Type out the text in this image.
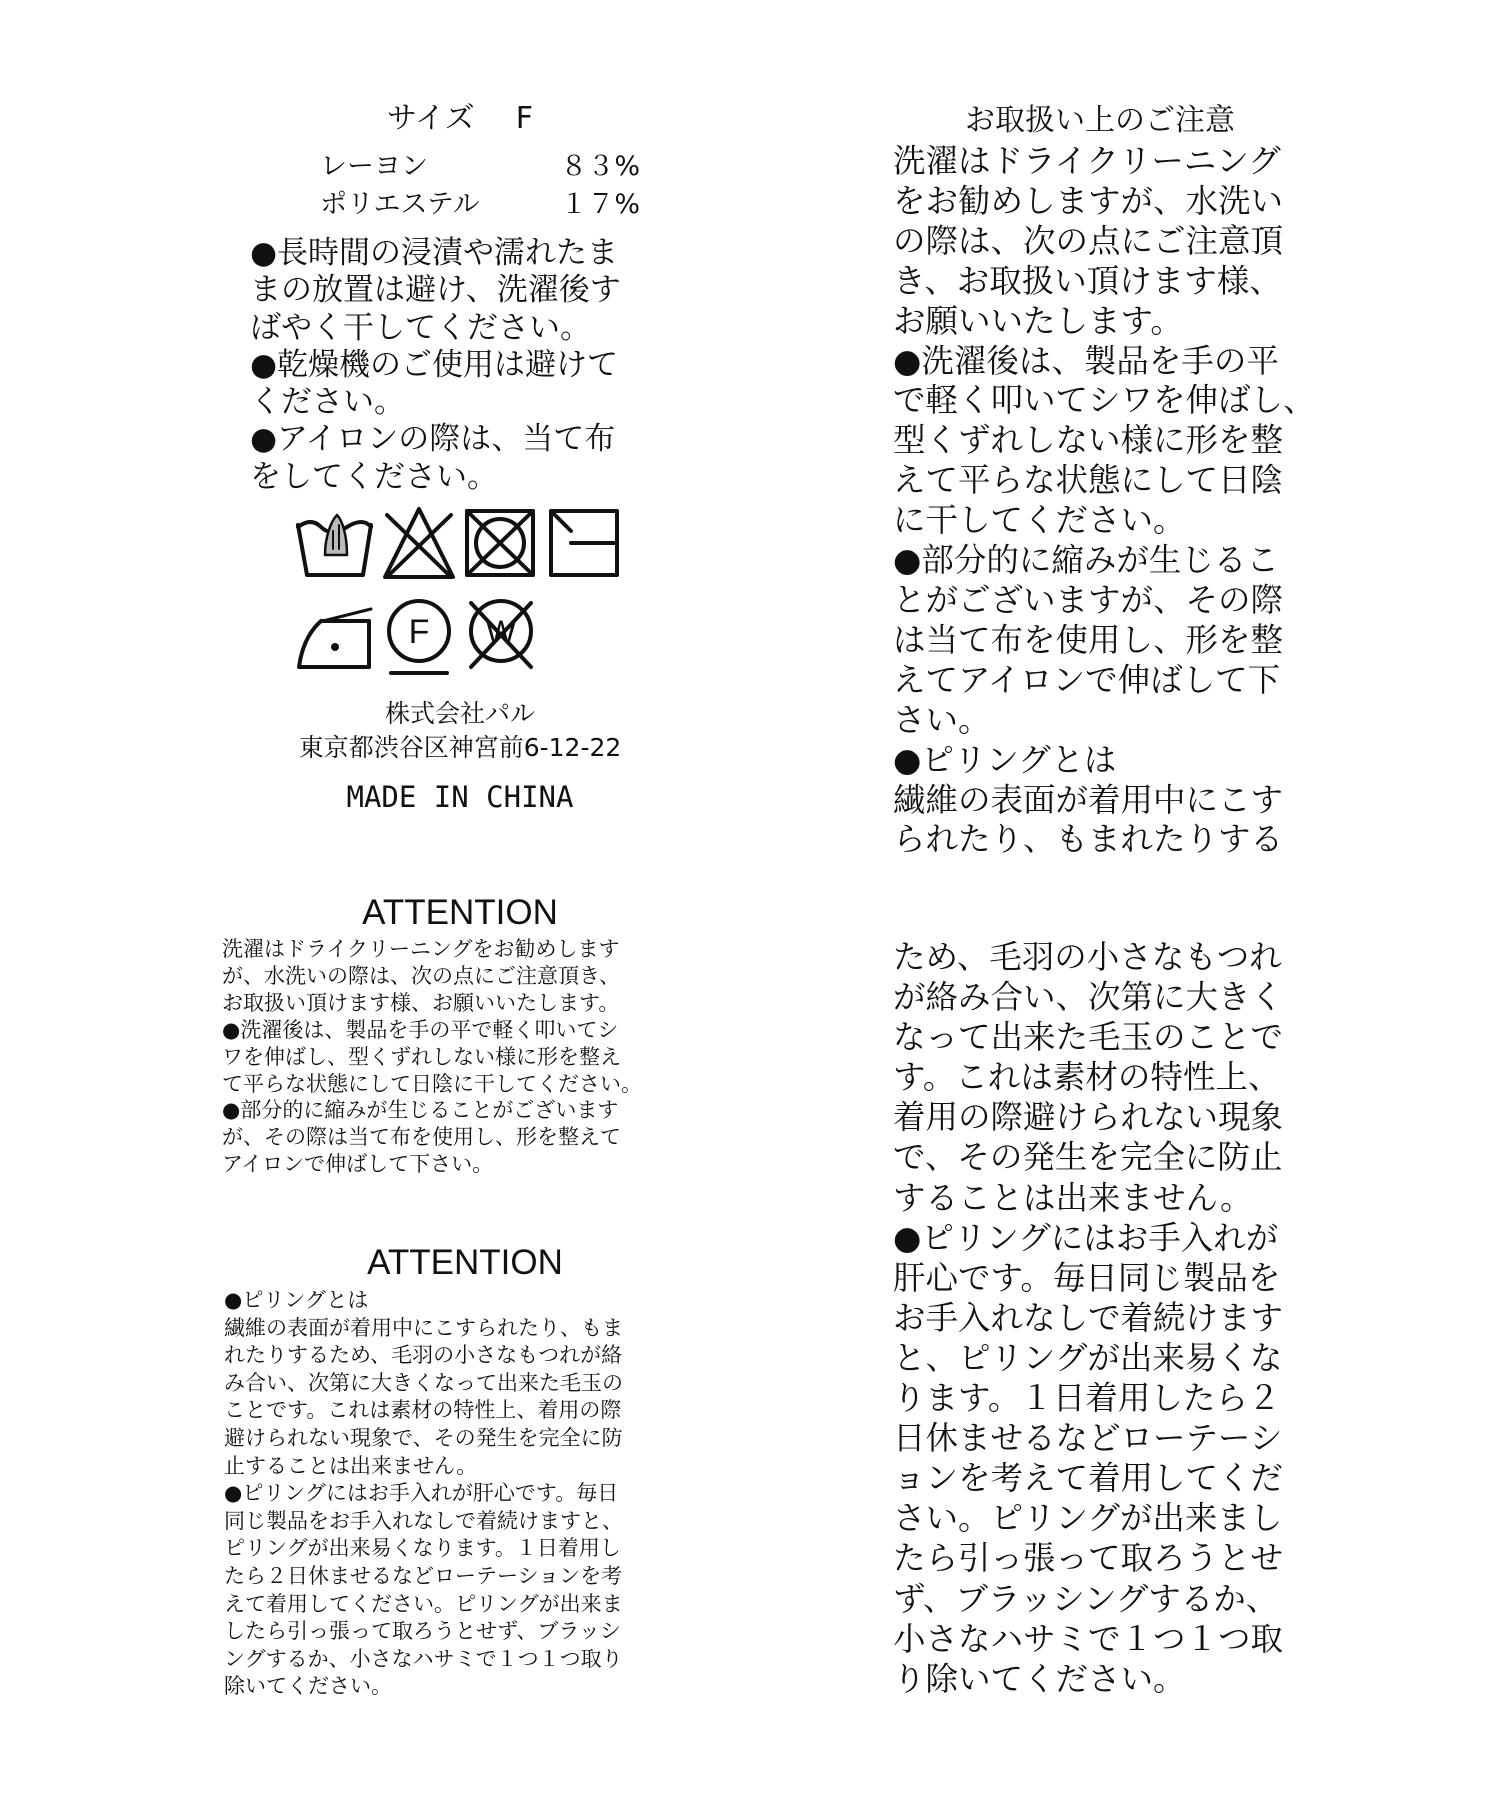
サイズ F
レーヨン	８３%
ポリエステル	１７%
●長時間の浸漬や濡れたま
まの放置は避け、洗濯後す
ばやく干してください。
●乾燥機のご使用は避けて
ください。
●アイロンの際は、当て布
をしてください。
F W
株式会社パル
東京都渋谷区神宮前6-12-22
MADE IN CHINA
ATTENTION
洗濯はドライクリーニングをお勧めします
が、水洗いの際は、次の点にご注意頂き、
お取扱い頂けます様、お願いいたします。
●洗濯後は、製品を手の平で軽く叩いてシ
ワを伸ばし、型くずれしない様に形を整え
て平らな状態にして日陰に干してください。
●部分的に縮みが生じることがございます
が、その際は当て布を使用し、形を整えて
アイロンで伸ばして下さい。
ATTENTION
●ピリングとは
繊維の表面が着用中にこすられたり、もま
れたりするため、毛羽の小さなもつれが絡
み合い、次第に大きくなって出来た毛玉の
ことです。これは素材の特性上、着用の際
避けられない現象で、その発生を完全に防
止することは出来ません。
●ピリングにはお手入れが肝心です。毎日
同じ製品をお手入れなしで着続けますと、
ピリングが出来易くなります。１日着用し
たら２日休ませるなどローテーションを考
えて着用してください。ピリングが出来ま
したら引っ張って取ろうとせず、ブラッシ
ングするか、小さなハサミで１つ１つ取り
除いてください。
お取扱い上のご注意
洗濯はドライクリーニング
をお勧めしますが、水洗い
の際は、次の点にご注意頂
き、お取扱い頂けます様、
お願いいたします。
●洗濯後は、製品を手の平
で軽く叩いてシワを伸ばし、
型くずれしない様に形を整
えて平らな状態にして日陰
に干してください。
●部分的に縮みが生じるこ
とがございますが、その際
は当て布を使用し、形を整
えてアイロンで伸ばして下
さい。
●ピリングとは
繊維の表面が着用中にこす
られたり、もまれたりする
ため、毛羽の小さなもつれ
が絡み合い、次第に大きく
なって出来た毛玉のことで
す。これは素材の特性上、
着用の際避けられない現象
で、その発生を完全に防止
することは出来ません。
●ピリングにはお手入れが
肝心です。毎日同じ製品を
お手入れなしで着続けます
と、ピリングが出来易くな
ります。１日着用したら２
日休ませるなどローテーシ
ョンを考えて着用してくだ
さい。ピリングが出来まし
たら引っ張って取ろうとせ
ず、ブラッシングするか、
小さなハサミで１つ１つ取
り除いてください。
